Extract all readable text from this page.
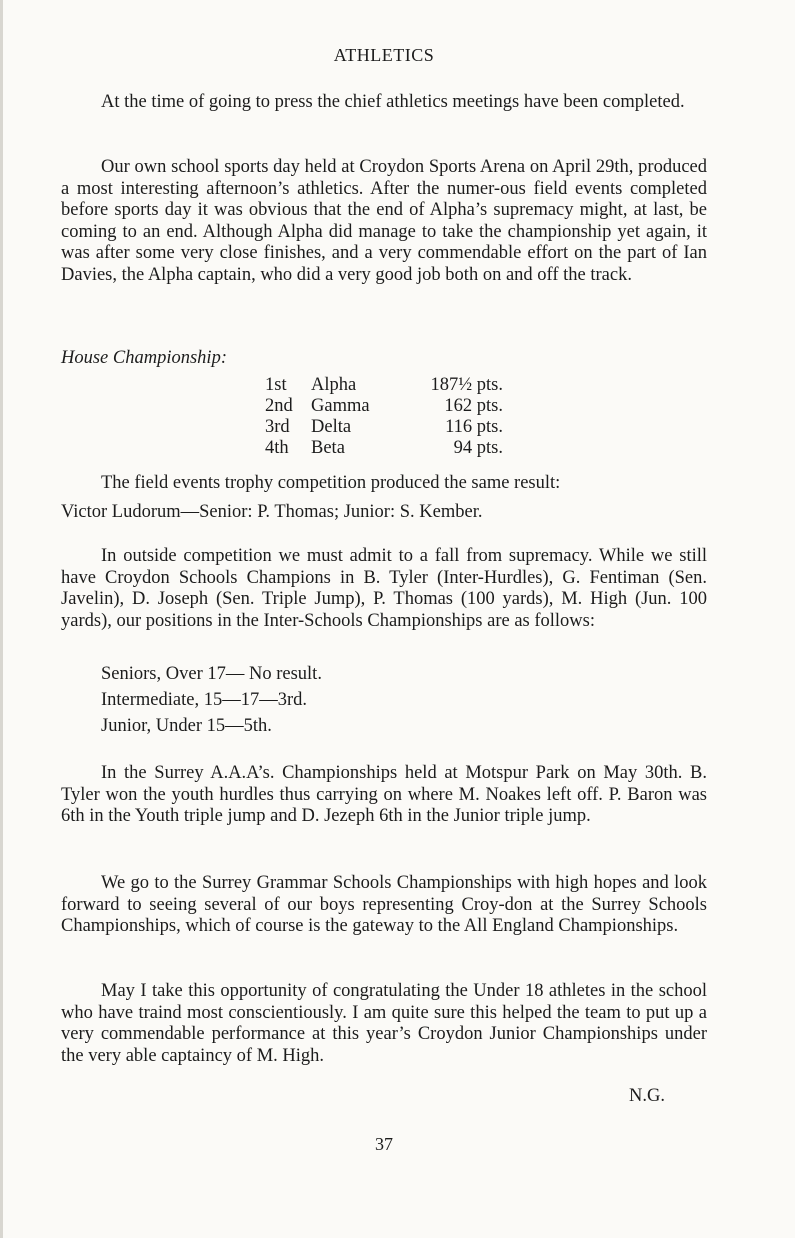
ATHLETICS

At the time of going to press the chief athletics meetings have been completed.

Our own school sports day held at Croydon Sports Arena on April 29th, produced a most interesting afternoon’s athletics. After the numer-ous field events completed before sports day it was obvious that the end of Alpha’s supremacy might, at last, be coming to an end. Although Alpha did manage to take the championship yet again, it was after some very close finishes, and a very commendable effort on the part of Ian Davies, the Alpha captain, who did a very good job both on and off the track.

House Championship:
1st	Alpha	187½ pts.
2nd	Gamma	162 pts.
3rd	Delta	116 pts.
4th	Beta	94 pts.

The field events trophy competition produced the same result:

Victor Ludorum—Senior: P. Thomas; Junior: S. Kember.

In outside competition we must admit to a fall from supremacy. While we still have Croydon Schools Champions in B. Tyler (Inter-Hurdles), G. Fentiman (Sen. Javelin), D. Joseph (Sen. Triple Jump), P. Thomas (100 yards), M. High (Jun. 100 yards), our positions in the Inter-Schools Championships are as follows:

Seniors, Over 17— No result.
Intermediate, 15—17—3rd.
Junior, Under 15—5th.

In the Surrey A.A.A’s. Championships held at Motspur Park on May 30th. B. Tyler won the youth hurdles thus carrying on where M. Noakes left off. P. Baron was 6th in the Youth triple jump and D. Jezeph 6th in the Junior triple jump.

We go to the Surrey Grammar Schools Championships with high hopes and look forward to seeing several of our boys representing Croy-don at the Surrey Schools Championships, which of course is the gateway to the All England Championships.

May I take this opportunity of congratulating the Under 18 athletes in the school who have traind most conscientiously. I am quite sure this helped the team to put up a very commendable performance at this year’s Croydon Junior Championships under the very able captaincy of M. High.

N.G.
37
